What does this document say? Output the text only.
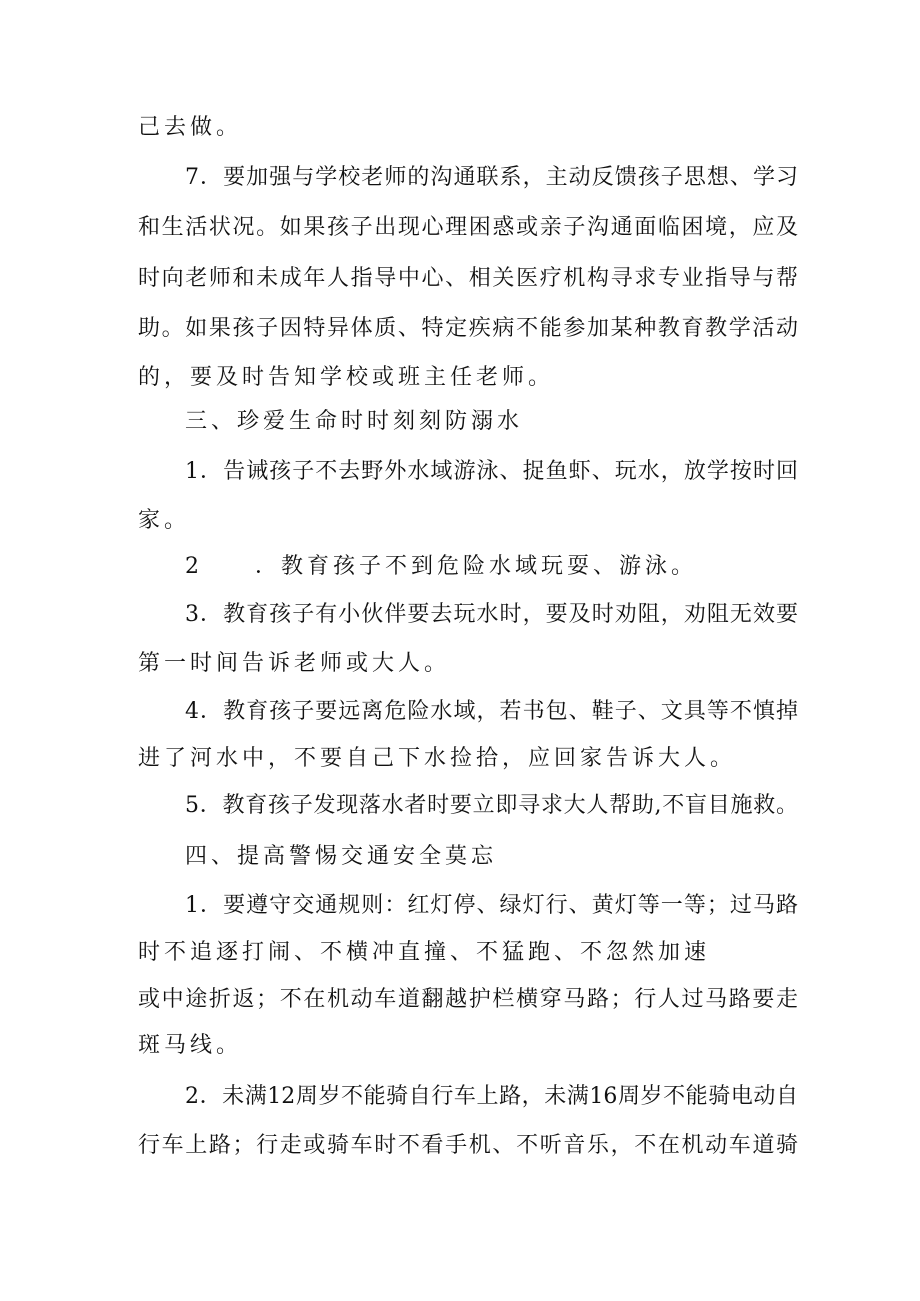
己去做。
7．要加强与学校老师的沟通联系，主动反馈孩子思想、学习
和生活状况。如果孩子出现心理困惑或亲子沟通面临困境，应及
时向老师和未成年人指导中心、相关医疗机构寻求专业指导与帮
助。如果孩子因特异体质、特定疾病不能参加某种教育教学活动
的，要及时告知学校或班主任老师。
三、珍爱生命时时刻刻防溺水
1．告诫孩子不去野外水域游泳、捉鱼虾、玩水，放学按时回
家。
2　　．教育孩子不到危险水域玩耍、游泳。
3．教育孩子有小伙伴要去玩水时，要及时劝阻，劝阻无效要
第一时间告诉老师或大人。
4．教育孩子要远离危险水域，若书包、鞋子、文具等不慎掉
进了河水中，不要自己下水捡拾，应回家告诉大人。
5．教育孩子发现落水者时要立即寻求大人帮助,不盲目施救。
四、提高警惕交通安全莫忘
1．要遵守交通规则：红灯停、绿灯行、黄灯等一等；过马路
时不追逐打闹、不横冲直撞、不猛跑、不忽然加速
或中途折返；不在机动车道翻越护栏横穿马路；行人过马路要走
斑马线。
2．未满12周岁不能骑自行车上路，未满16周岁不能骑电动自
行车上路；行走或骑车时不看手机、不听音乐，不在机动车道骑
